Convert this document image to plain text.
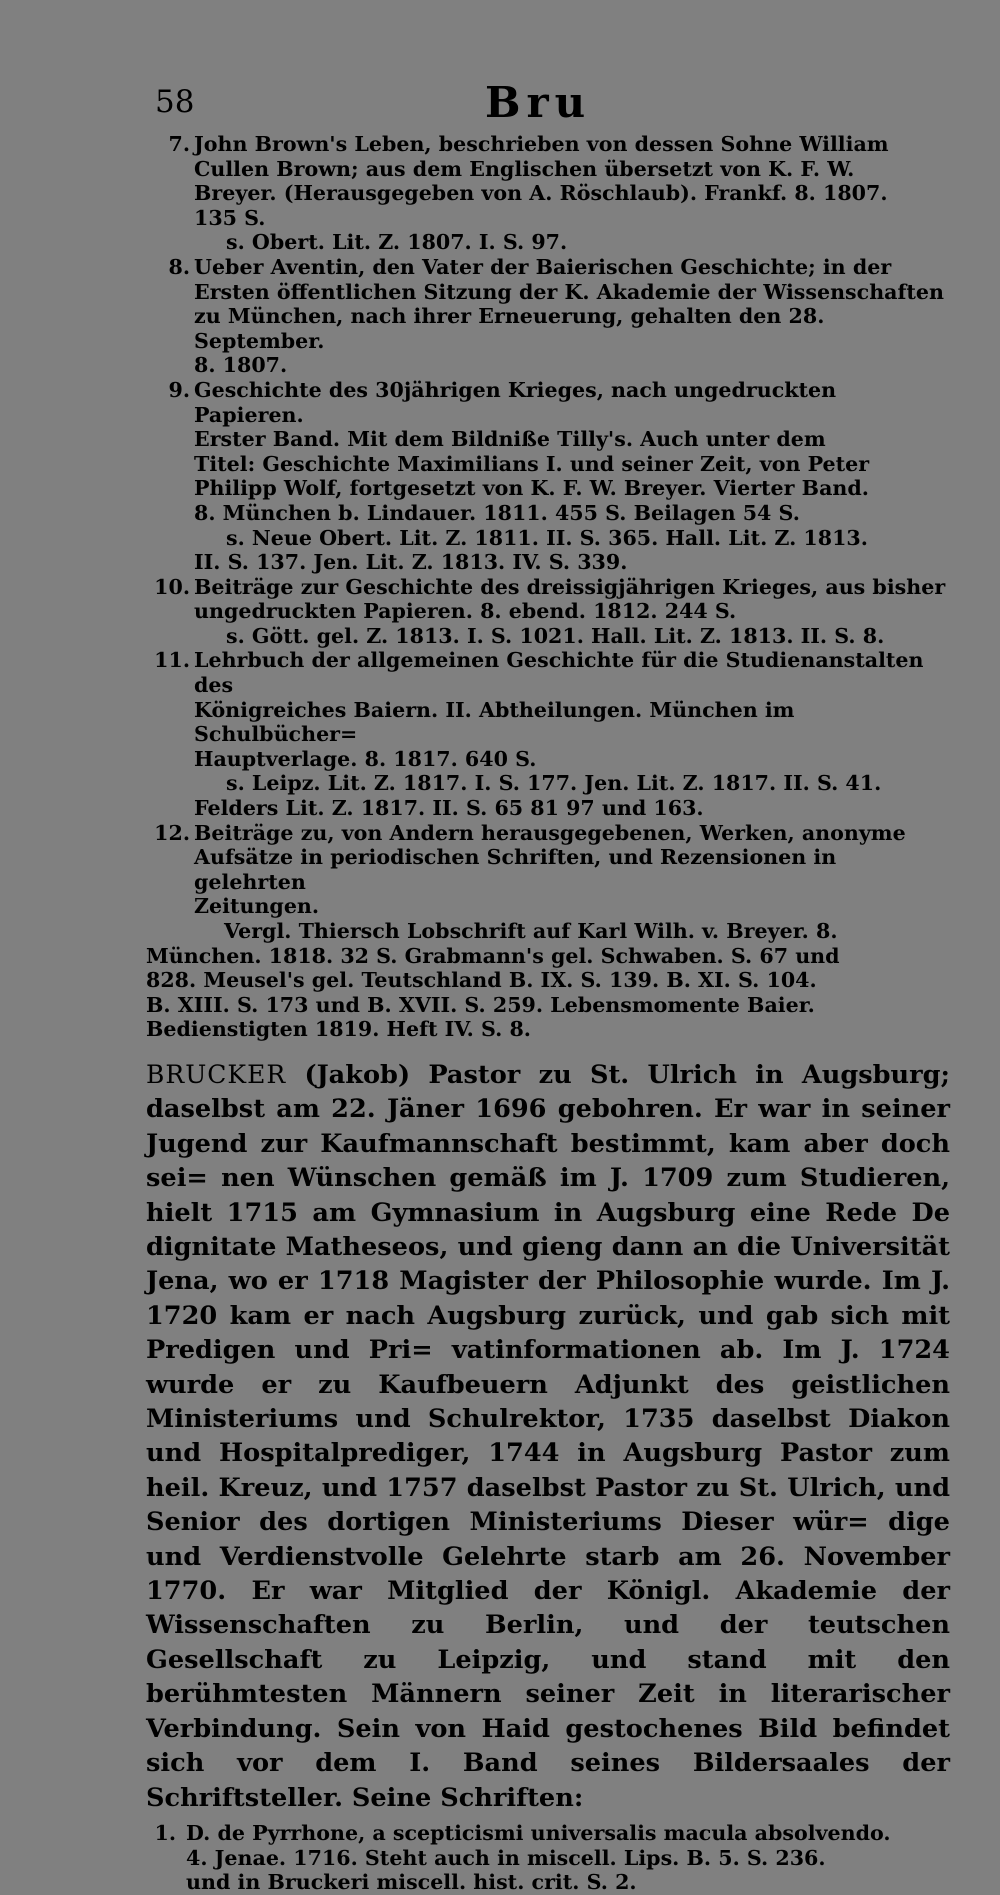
58	Bru

7. John Brown's Leben, beschrieben von dessen Sohne William

Cullen Brown; aus dem Englischen übersetzt von K. F. W.

Breyer. (Herausgegeben von A. Röschlaub). Frankf. 8. 1807.

135 S.

s. Obert. Lit. Z. 1807. I. S. 97.

8. Ueber Aventin, den Vater der Baierischen Geschichte; in der

Ersten öffentlichen Sitzung der K. Akademie der Wissenschaften

zu München, nach ihrer Erneuerung, gehalten den 28. September.

8. 1807.

9. Geschichte des 30jährigen Krieges, nach ungedruckten Papieren.

Erster Band. Mit dem Bildniße Tilly's. Auch unter dem

Titel: Geschichte Maximilians I. und seiner Zeit, von Peter

Philipp Wolf, fortgesetzt von K. F. W. Breyer. Vierter Band.

8. München b. Lindauer. 1811. 455 S. Beilagen 54 S.

s. Neue Obert. Lit. Z. 1811. II. S. 365. Hall. Lit. Z. 1813.

II. S. 137. Jen. Lit. Z. 1813. IV. S. 339.

10. Beiträge zur Geschichte des dreissigjährigen Krieges, aus bisher

ungedruckten Papieren. 8. ebend. 1812. 244 S.

s. Gött. gel. Z. 1813. I. S. 1021. Hall. Lit. Z. 1813. II. S. 8.

11. Lehrbuch der allgemeinen Geschichte für die Studienanstalten des

Königreiches Baiern. II. Abtheilungen. München im Schulbücher=

Hauptverlage. 8. 1817. 640 S.

s. Leipz. Lit. Z. 1817. I. S. 177. Jen. Lit. Z. 1817. II. S. 41.

Felders Lit. Z. 1817. II. S. 65 81 97 und 163.

12. Beiträge zu, von Andern herausgegebenen, Werken, anonyme

Aufsätze in periodischen Schriften, und Rezensionen in gelehrten

Zeitungen.

Vergl. Thiersch Lobschrift auf Karl Wilh. v. Breyer. 8.

München. 1818. 32 S. Grabmann's gel. Schwaben. S. 67 und

828. Meusel's gel. Teutschland B. IX. S. 139. B. XI. S. 104.

B. XIII. S. 173 und B. XVII. S. 259. Lebensmomente Baier.

Bedienstigten 1819. Heft IV. S. 8.

BRUCKER (Jakob) Pastor zu St. Ulrich in Augsburg; daselbst am 22. Jäner 1696 gebohren. Er war in seiner Jugend zur Kaufmannschaft bestimmt, kam aber doch sei= nen Wünschen gemäß im J. 1709 zum Studieren, hielt 1715 am Gymnasium in Augsburg eine Rede De dignitate Matheseos, und gieng dann an die Universität Jena, wo er 1718 Magister der Philosophie wurde. Im J. 1720 kam er nach Augsburg zurück, und gab sich mit Predigen und Pri= vatinformationen ab. Im J. 1724 wurde er zu Kaufbeuern Adjunkt des geistlichen Ministeriums und Schulrektor, 1735 daselbst Diakon und Hospitalprediger, 1744 in Augsburg Pastor zum heil. Kreuz, und 1757 daselbst Pastor zu St. Ulrich, und Senior des dortigen Ministeriums Dieser wür= dige und Verdienstvolle Gelehrte starb am 26. November 1770. Er war Mitglied der Königl. Akademie der Wissenschaften zu Berlin, und der teutschen Gesellschaft zu Leipzig, und stand mit den berühmtesten Männern seiner Zeit in literarischer Verbindung. Sein von Haid gestochenes Bild befindet sich vor dem I. Band seines Bildersaales der Schriftsteller. Seine Schriften:

1. D. de Pyrrhone, a scepticismi universalis macula absolvendo.

4. Jenae. 1716. Steht auch in miscell. Lips. B. 5. S. 236.

und in Bruckeri miscell. hist. crit. S. 2.
